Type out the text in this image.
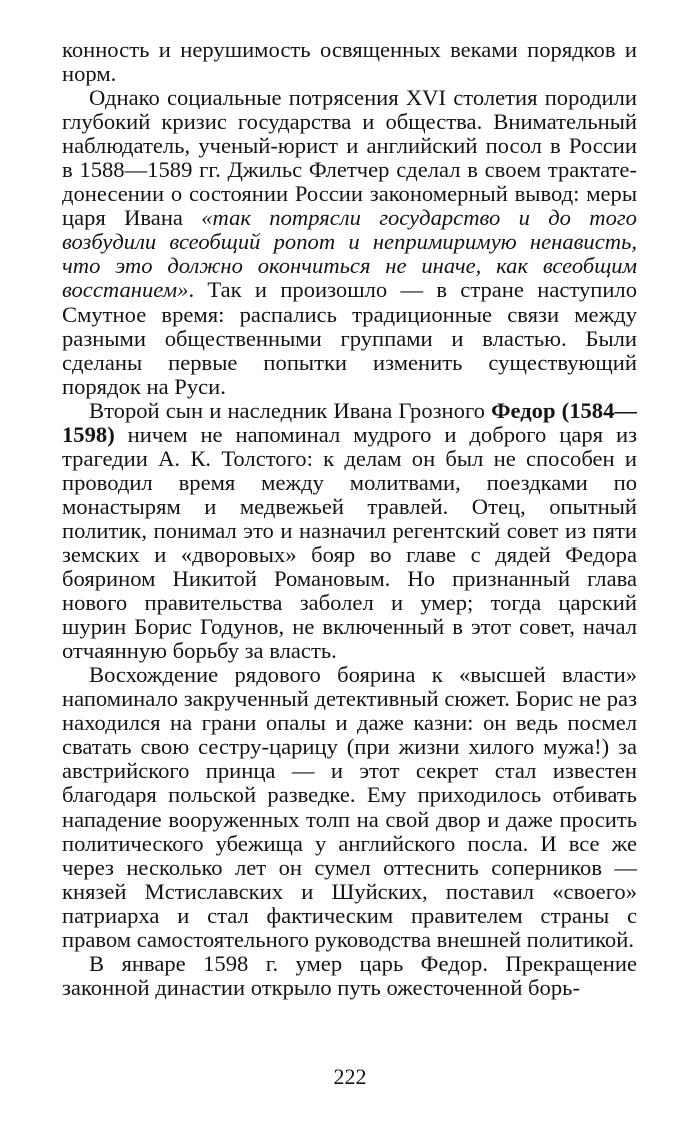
конность и нерушимость освященных веками порядков и норм.

Однако социальные потрясения XVI столетия породили глубокий кризис государства и общества. Внимательный наблюдатель, ученый-юрист и английский посол в России в 1588—1589 гг. Джильс Флетчер сделал в своем трактате-донесении о состоянии России закономерный вывод: меры царя Ивана «так потрясли государство и до того возбудили всеобщий ропот и непримиримую ненависть, что это должно окончиться не иначе, как всеобщим восстанием». Так и произошло — в стране наступило Смутное время: распались традиционные связи между разными общественными группами и властью. Были сделаны первые попытки изменить существующий порядок на Руси.

Второй сын и наследник Ивана Грозного Федор (1584—1598) ничем не напоминал мудрого и доброго царя из трагедии А. К. Толстого: к делам он был не способен и проводил время между молитвами, поездками по монастырям и медвежьей травлей. Отец, опытный политик, понимал это и назначил регентский совет из пяти земских и «дворовых» бояр во главе с дядей Федора боярином Никитой Романовым. Но признанный глава нового правительства заболел и умер; тогда царский шурин Борис Годунов, не включенный в этот совет, начал отчаянную борьбу за власть.

Восхождение рядового боярина к «высшей власти» напоминало закрученный детективный сюжет. Борис не раз находился на грани опалы и даже казни: он ведь посмел сватать свою сестру-царицу (при жизни хилого мужа!) за австрийского принца — и этот секрет стал известен благодаря польской разведке. Ему приходилось отбивать нападение вооруженных толп на свой двор и даже просить политического убежища у английского посла. И все же через несколько лет он сумел оттеснить соперников — князей Мстиславских и Шуйских, поставил «своего» патриарха и стал фактическим правителем страны с правом самостоятельного руководства внешней политикой.

В январе 1598 г. умер царь Федор. Прекращение законной династии открыло путь ожесточенной борь-

222
